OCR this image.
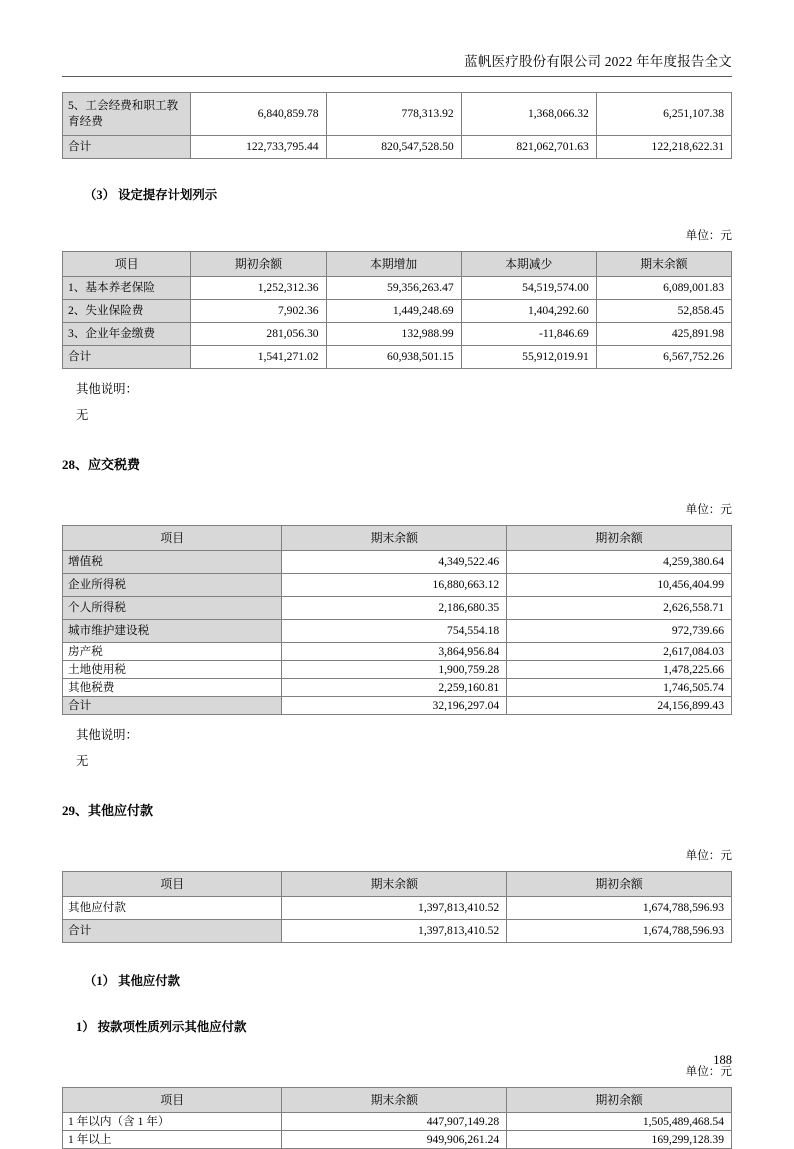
蓝帆医疗股份有限公司 2022 年年度报告全文
5、工会经费和职工教育经费	6,840,859.78	778,313.92	1,368,066.32	6,251,107.38
合计	122,733,795.44	820,547,528.50	821,062,701.63	122,218,622.31
（3） 设定提存计划列示
单位：元
项目	期初余额	本期增加	本期减少	期末余额
1、基本养老保险	1,252,312.36	59,356,263.47	54,519,574.00	6,089,001.83
2、失业保险费	7,902.36	1,449,248.69	1,404,292.60	52,858.45
3、企业年金缴费	281,056.30	132,988.99	-11,846.69	425,891.98
合计	1,541,271.02	60,938,501.15	55,912,019.91	6,567,752.26
其他说明：
无
28、应交税费
单位：元
项目	期末余额	期初余额
增值税	4,349,522.46	4,259,380.64
企业所得税	16,880,663.12	10,456,404.99
个人所得税	2,186,680.35	2,626,558.71
城市维护建设税	754,554.18	972,739.66
房产税	3,864,956.84	2,617,084.03
土地使用税	1,900,759.28	1,478,225.66
其他税费	2,259,160.81	1,746,505.74
合计	32,196,297.04	24,156,899.43
其他说明：
无
29、其他应付款
单位：元
项目	期末余额	期初余额
其他应付款	1,397,813,410.52	1,674,788,596.93
合计	1,397,813,410.52	1,674,788,596.93
（1） 其他应付款
1） 按款项性质列示其他应付款
单位：元
项目	期末余额	期初余额
1 年以内（含 1 年）	447,907,149.28	1,505,489,468.54
1 年以上	949,906,261.24	169,299,128.39
188
